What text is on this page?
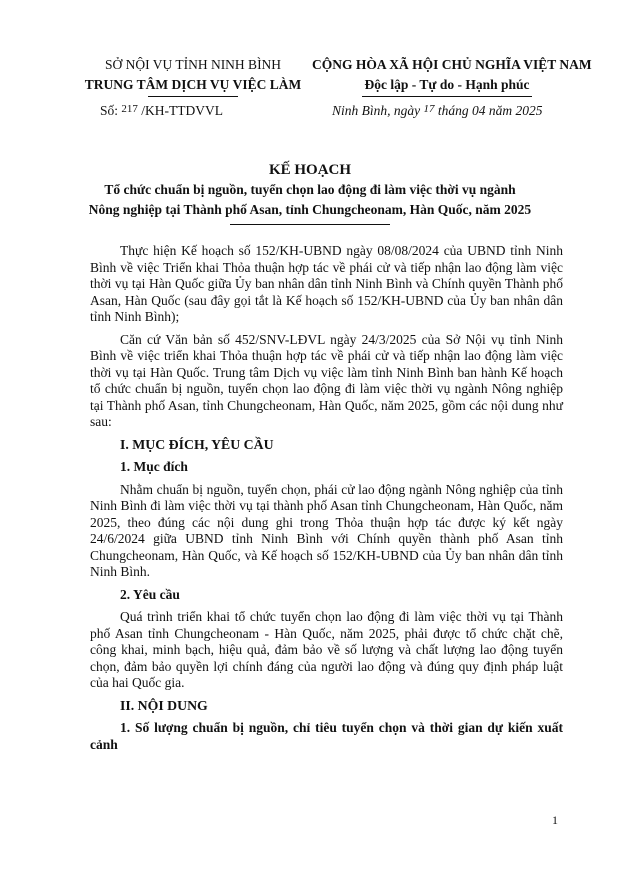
SỞ NỘI VỤ TỈNH NINH BÌNH
TRUNG TÂM DỊCH VỤ VIỆC LÀM
CỘNG HÒA XÃ HỘI CHỦ NGHĨA VIỆT NAM
Độc lập - Tự do - Hạnh phúc
Số: $^{217}$ /KH-TTDVVL	Ninh Bình, ngày $^{17}$ tháng 04 năm 2025
KẾ HOẠCH
Tổ chức chuẩn bị nguồn, tuyển chọn lao động đi làm việc thời vụ ngành
Nông nghiệp tại Thành phố Asan, tỉnh Chungcheonam, Hàn Quốc, năm 2025

Thực hiện Kế hoạch số 152/KH-UBND ngày 08/08/2024 của UBND tỉnh Ninh Bình về việc Triển khai Thỏa thuận hợp tác về phái cử và tiếp nhận lao động làm việc thời vụ tại Hàn Quốc giữa Ủy ban nhân dân tỉnh Ninh Bình và Chính quyền Thành phố Asan, Hàn Quốc (sau đây gọi tắt là Kế hoạch số 152/KH-UBND của Ủy ban nhân dân tỉnh Ninh Bình);

Căn cứ Văn bản số 452/SNV-LĐVL ngày 24/3/2025 của Sở Nội vụ tỉnh Ninh Bình về việc triển khai Thỏa thuận hợp tác về phái cử và tiếp nhận lao động làm việc thời vụ tại Hàn Quốc. Trung tâm Dịch vụ việc làm tỉnh Ninh Bình ban hành Kế hoạch tổ chức chuẩn bị nguồn, tuyển chọn lao động đi làm việc thời vụ ngành Nông nghiệp tại Thành phố Asan, tỉnh Chungcheonam, Hàn Quốc, năm 2025, gồm các nội dung như sau:

I. MỤC ĐÍCH, YÊU CẦU
1. Mục đích

Nhằm chuẩn bị nguồn, tuyển chọn, phái cử lao động ngành Nông nghiệp của tỉnh Ninh Bình đi làm việc thời vụ tại thành phố Asan tỉnh Chungcheonam, Hàn Quốc, năm 2025, theo đúng các nội dung ghi trong Thỏa thuận hợp tác được ký kết ngày 24/6/2024 giữa UBND tỉnh Ninh Bình với Chính quyền thành phố Asan tỉnh Chungcheonam, Hàn Quốc, và Kế hoạch số 152/KH-UBND của Ủy ban nhân dân tỉnh Ninh Bình.

2. Yêu cầu

Quá trình triển khai tổ chức tuyển chọn lao động đi làm việc thời vụ tại Thành phố Asan tỉnh Chungcheonam - Hàn Quốc, năm 2025, phải được tổ chức chặt chẽ, công khai, minh bạch, hiệu quả, đảm bảo về số lượng và chất lượng lao động tuyển chọn, đảm bảo quyền lợi chính đáng của người lao động và đúng quy định pháp luật của hai Quốc gia.

II. NỘI DUNG
1. Số lượng chuẩn bị nguồn, chỉ tiêu tuyển chọn và thời gian dự kiến xuất cảnh
1
